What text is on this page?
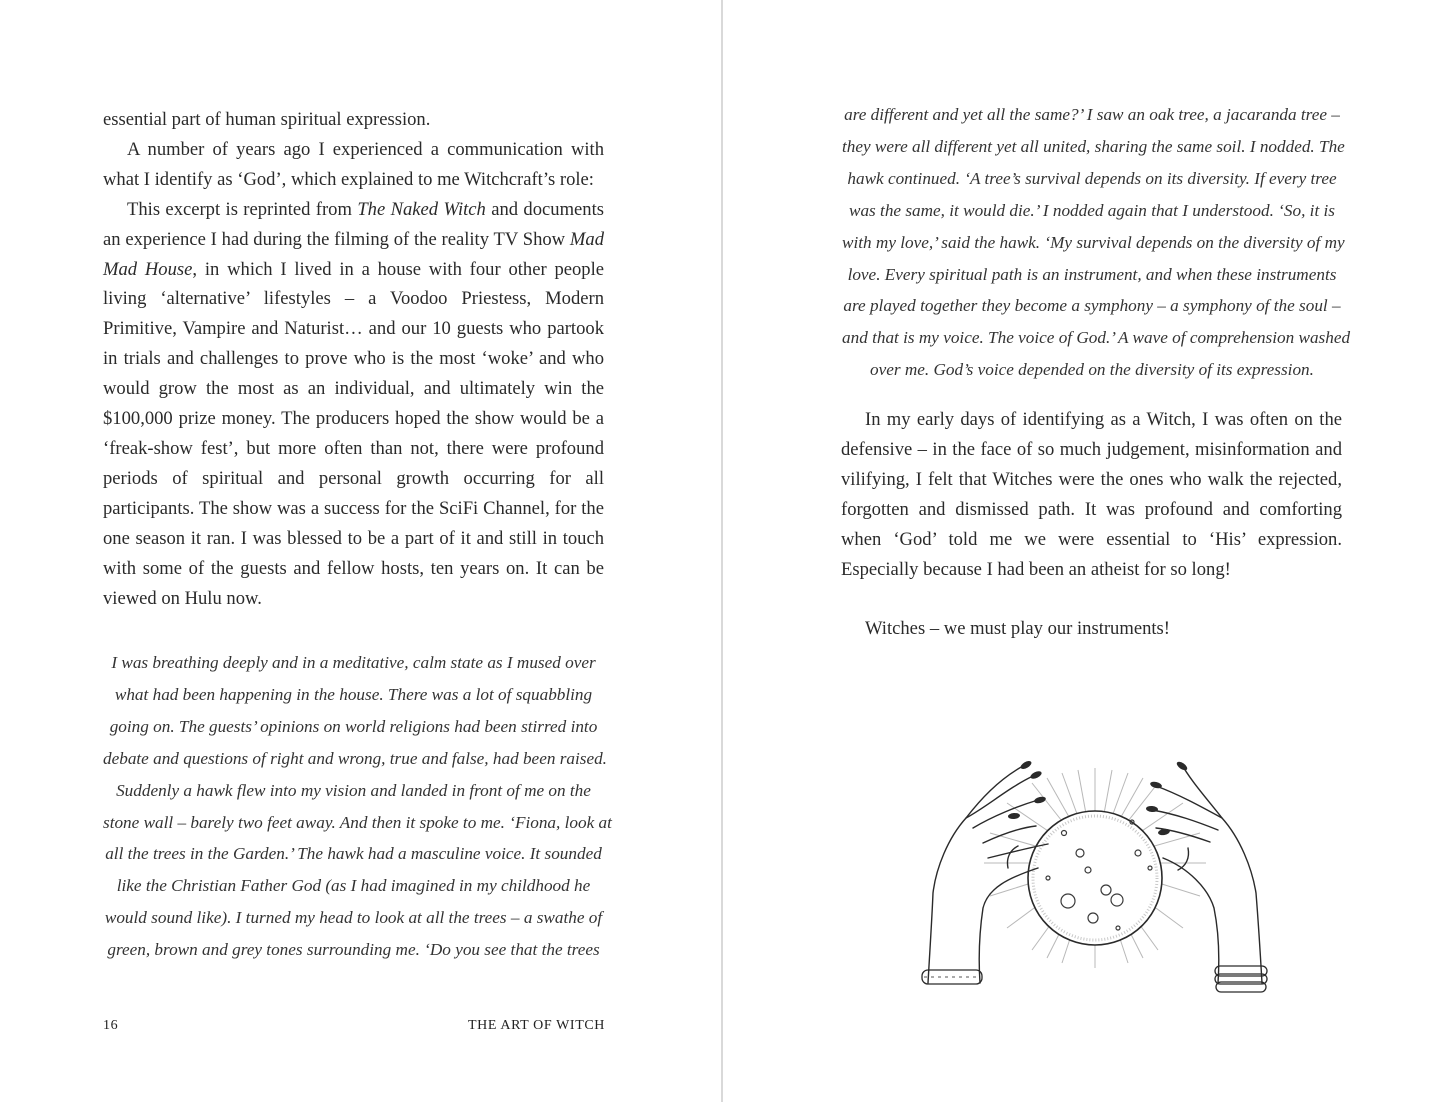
essential part of human spiritual expression.

A number of years ago I experienced a communication with what I identify as ‘God’, which explained to me Witchcraft’s role:

This excerpt is reprinted from The Naked Witch and documents an experience I had during the filming of the reality TV Show Mad Mad House, in which I lived in a house with four other people living ‘alternative’ lifestyles – a Voodoo Priestess, Modern Primitive, Vampire and Naturist… and our 10 guests who partook in trials and challenges to prove who is the most ‘woke’ and who would grow the most as an individual, and ultimately win the $100,000 prize money. The producers hoped the show would be a ‘freak-show fest’, but more often than not, there were profound periods of spiritual and personal growth occurring for all participants. The show was a success for the SciFi Channel, for the one season it ran. I was blessed to be a part of it and still in touch with some of the guests and fellow hosts, ten years on. It can be viewed on Hulu now.

I was breathing deeply and in a meditative, calm state as I mused over
what had been happening in the house. There was a lot of squabbling
going on. The guests’ opinions on world religions had been stirred into
debate and questions of right and wrong, true and false, had been raised.
Suddenly a hawk flew into my vision and landed in front of me on the
stone wall – barely two feet away. And then it spoke to me. ‘Fiona, look at
all the trees in the Garden.’ The hawk had a masculine voice. It sounded
like the Christian Father God (as I had imagined in my childhood he
would sound like). I turned my head to look at all the trees – a swathe of
green, brown and grey tones surrounding me. ‘Do you see that the trees
16	THE ART OF WITCH
are different and yet all the same?’ I saw an oak tree, a jacaranda tree –
they were all different yet all united, sharing the same soil. I nodded. The
hawk continued. ‘A tree’s survival depends on its diversity. If every tree
was the same, it would die.’ I nodded again that I understood. ‘So, it is
with my love,’ said the hawk. ‘My survival depends on the diversity of my
love. Every spiritual path is an instrument, and when these instruments
are played together they become a symphony – a symphony of the soul –
and that is my voice. The voice of God.’ A wave of comprehension washed
over me. God’s voice depended on the diversity of its expression.

In my early days of identifying as a Witch, I was often on the defensive – in the face of so much judgement, misinformation and vilifying, I felt that Witches were the ones who walk the rejected, forgotten and dismissed path. It was profound and comforting when ‘God’ told me we were essential to ‘His’ expression. Especially because I had been an atheist for so long!

Witches – we must play our instruments!
